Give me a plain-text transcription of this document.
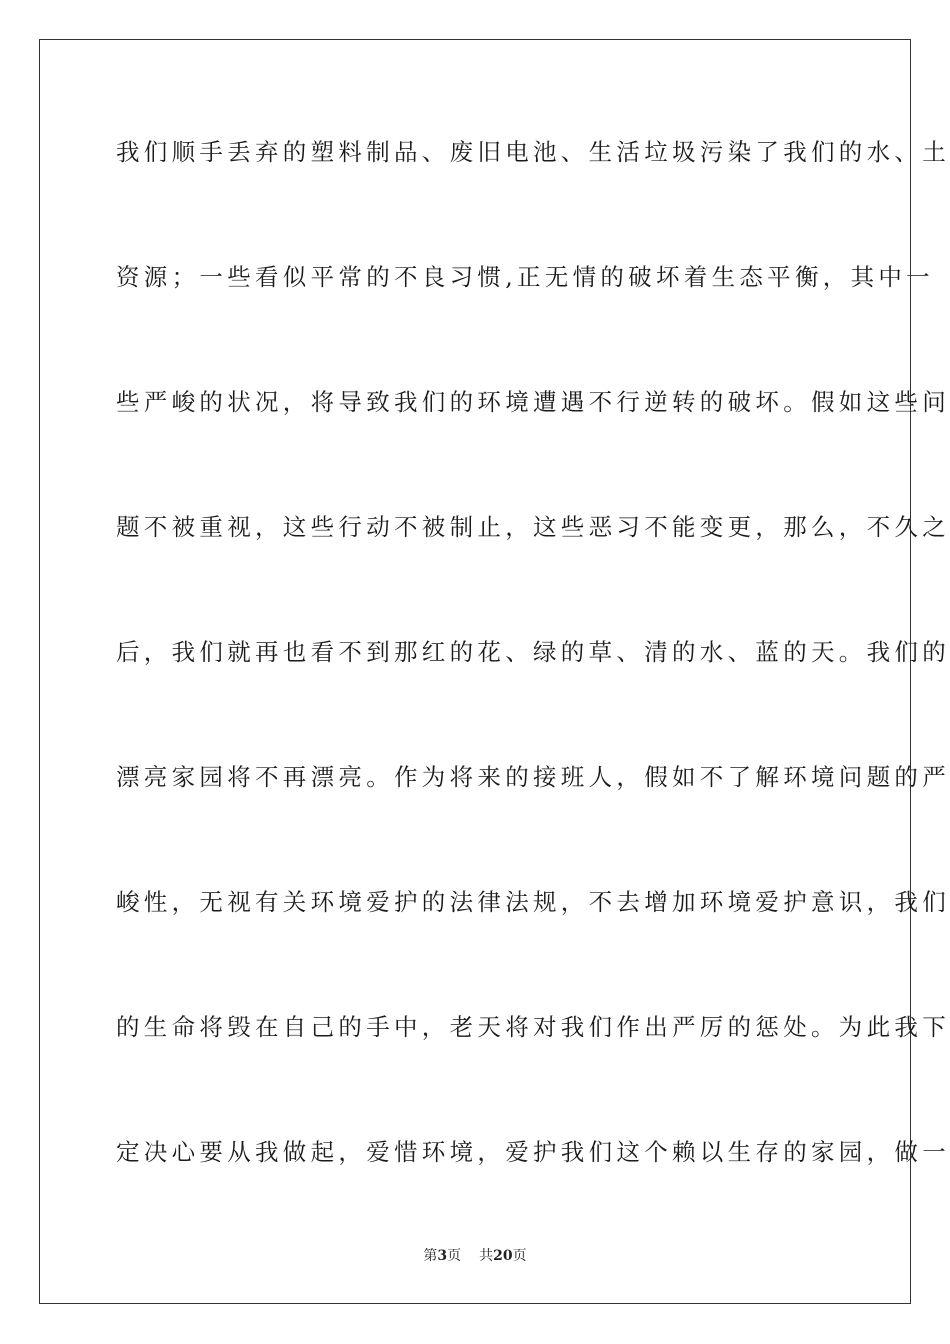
我们顺手丢弃的塑料制品、废旧电池、生活垃圾污染了我们的水、土
资源；一些看似平常的不良习惯,正无情的破坏着生态平衡，其中一
些严峻的状况，将导致我们的环境遭遇不行逆转的破坏。假如这些问
题不被重视，这些行动不被制止，这些恶习不能变更，那么，不久之
后，我们就再也看不到那红的花、绿的草、清的水、蓝的天。我们的
漂亮家园将不再漂亮。作为将来的接班人，假如不了解环境问题的严
峻性，无视有关环境爱护的法律法规，不去增加环境爱护意识，我们
的生命将毁在自己的手中，老天将对我们作出严厉的惩处。为此我下
定决心要从我做起，爱惜环境，爱护我们这个赖以生存的家园，做一
第3页 共20页
